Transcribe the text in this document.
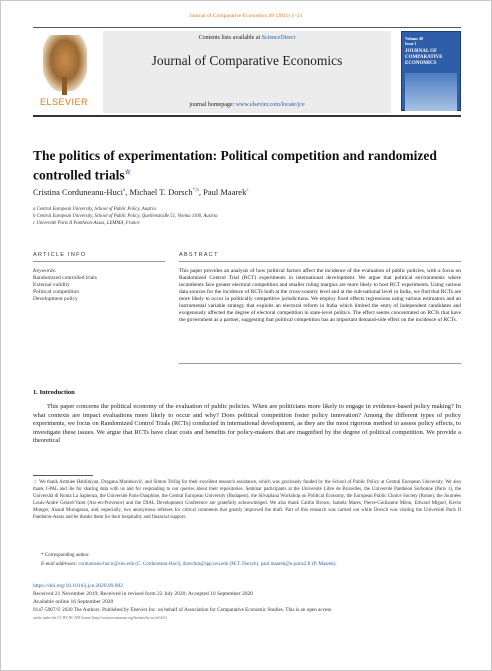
Journal of Comparative Economics 49 (2021) 1–21
ELSEVIER
Contents lists available at ScienceDirect
Journal of Comparative Economics
journal homepage: www.elsevier.com/locate/jce
Volume 49
Issue 1
JOURNAL OF COMPARATIVE ECONOMICS
The politics of experimentation: Political competition and randomized controlled trials☆
Cristina Corduneanu-Huci$^a$, Michael T. Dorsch$^{*,b}$, Paul Maarek$^c$
a Central European University, School of Public Policy, Austria
b Central European University, School of Public Policy, Quellenstraße 51, Vienna 1100, Austria
c Université Paris II Panthéon-Assas, LEMMA, France
ARTICLE INFO	ABSTRACT
Keywords:
Randomized controlled trials
External validity
Political competition
Development policy
This paper provides an analysis of how political factors affect the incidence of the evaluation of public policies, with a focus on Randomized Control Trial (RCT) experiments in international development. We argue that political environments where incumbents face greater electoral competition and smaller ruling margins are more likely to host RCT experiments. Using various data sources for the incidence of RCTs both at the cross-country level and at the sub-national level in India, we find that RCTs are more likely to occur in politically competitive jurisdictions. We employ fixed effects regressions using various estimators and an instrumental variable strategy that exploits an electoral reform in India which limited the entry of independent candidates and exogenously affected the degree of electoral competition in state-level politics. The effect seems concentrated on RCTs that have the government as a partner, suggesting that political competition has an important demand-side effect on the incidence of RCTs.
1. Introduction
This paper concerns the political economy of the evaluation of public policies. When are politicians more likely to engage in evidence-based policy making? In what contexts are impact evaluations more likely to occur and why? Does political competition foster policy innovation? Among the different types of policy experiments, we focus on Randomized Control Trials (RCTs) conducted in international development, as they are the most rigorous method to assess policy effects, to investigate these issues. We argue that RCTs have clear costs and benefits for policy-makers that are magnified by the degree of political competition. We provide a theoretical
☆ We thank Artmiee Habliniyan, Dragana Marinković, and Simon Trišlaj for their excellent research assistance, which was graciously funded by the School of Public Policy at Central European University. We also thank J-PAL and 3ie for sharing data with us and for responding to our queries about their repositories. Seminar participants at the Université Libre de Bruxelles, the Université Panthéon Sorbonne (Paris 1), the Università di Roma La Sapienza, the Université Paris-Dauphine, the Central European University (Budapest), the Silvaplana Workshop on Political Economy, the European Public Choice Society (Rome), the Journées Louis-André Gérard-Varet (Aix-en-Provence) and the DIAL Development Conference are gratefully acknowledged. We also thank Caitlin Brown, Isabela Mares, Pierre-Guillaume Méon, Edward Miguel, Kevin Munger, Anand Murugesan, and, especially, two anonymous referees for critical comments that greatly improved the draft. Part of this research was carried out while Dorsch was visiting the Université Paris II Panthéon-Assas and he thanks them for their hospitality and financial support.
* Corresponding author.
E-mail addresses: corduneanu-hucic@ceu.edu (C. Corduneanu-Huci), dorschm@spp.ceu.edu (M.T. Dorsch), paul.maarek@u-paris2.fr (P. Maarek).
https://doi.org/10.1016/j.jce.2020.09.002
Received 21 November 2019; Received in revised form 22 July 2020; Accepted 10 September 2020
Available online 16 September 2020
0147-5967/© 2020 The Authors. Published by Elsevier Inc. on behalf of Association for Comparative Economic Studies. This is an open access
article under the CC BY-NC-ND license (http://creativecommons.org/licenses/by-nc-nd/4.0/).
